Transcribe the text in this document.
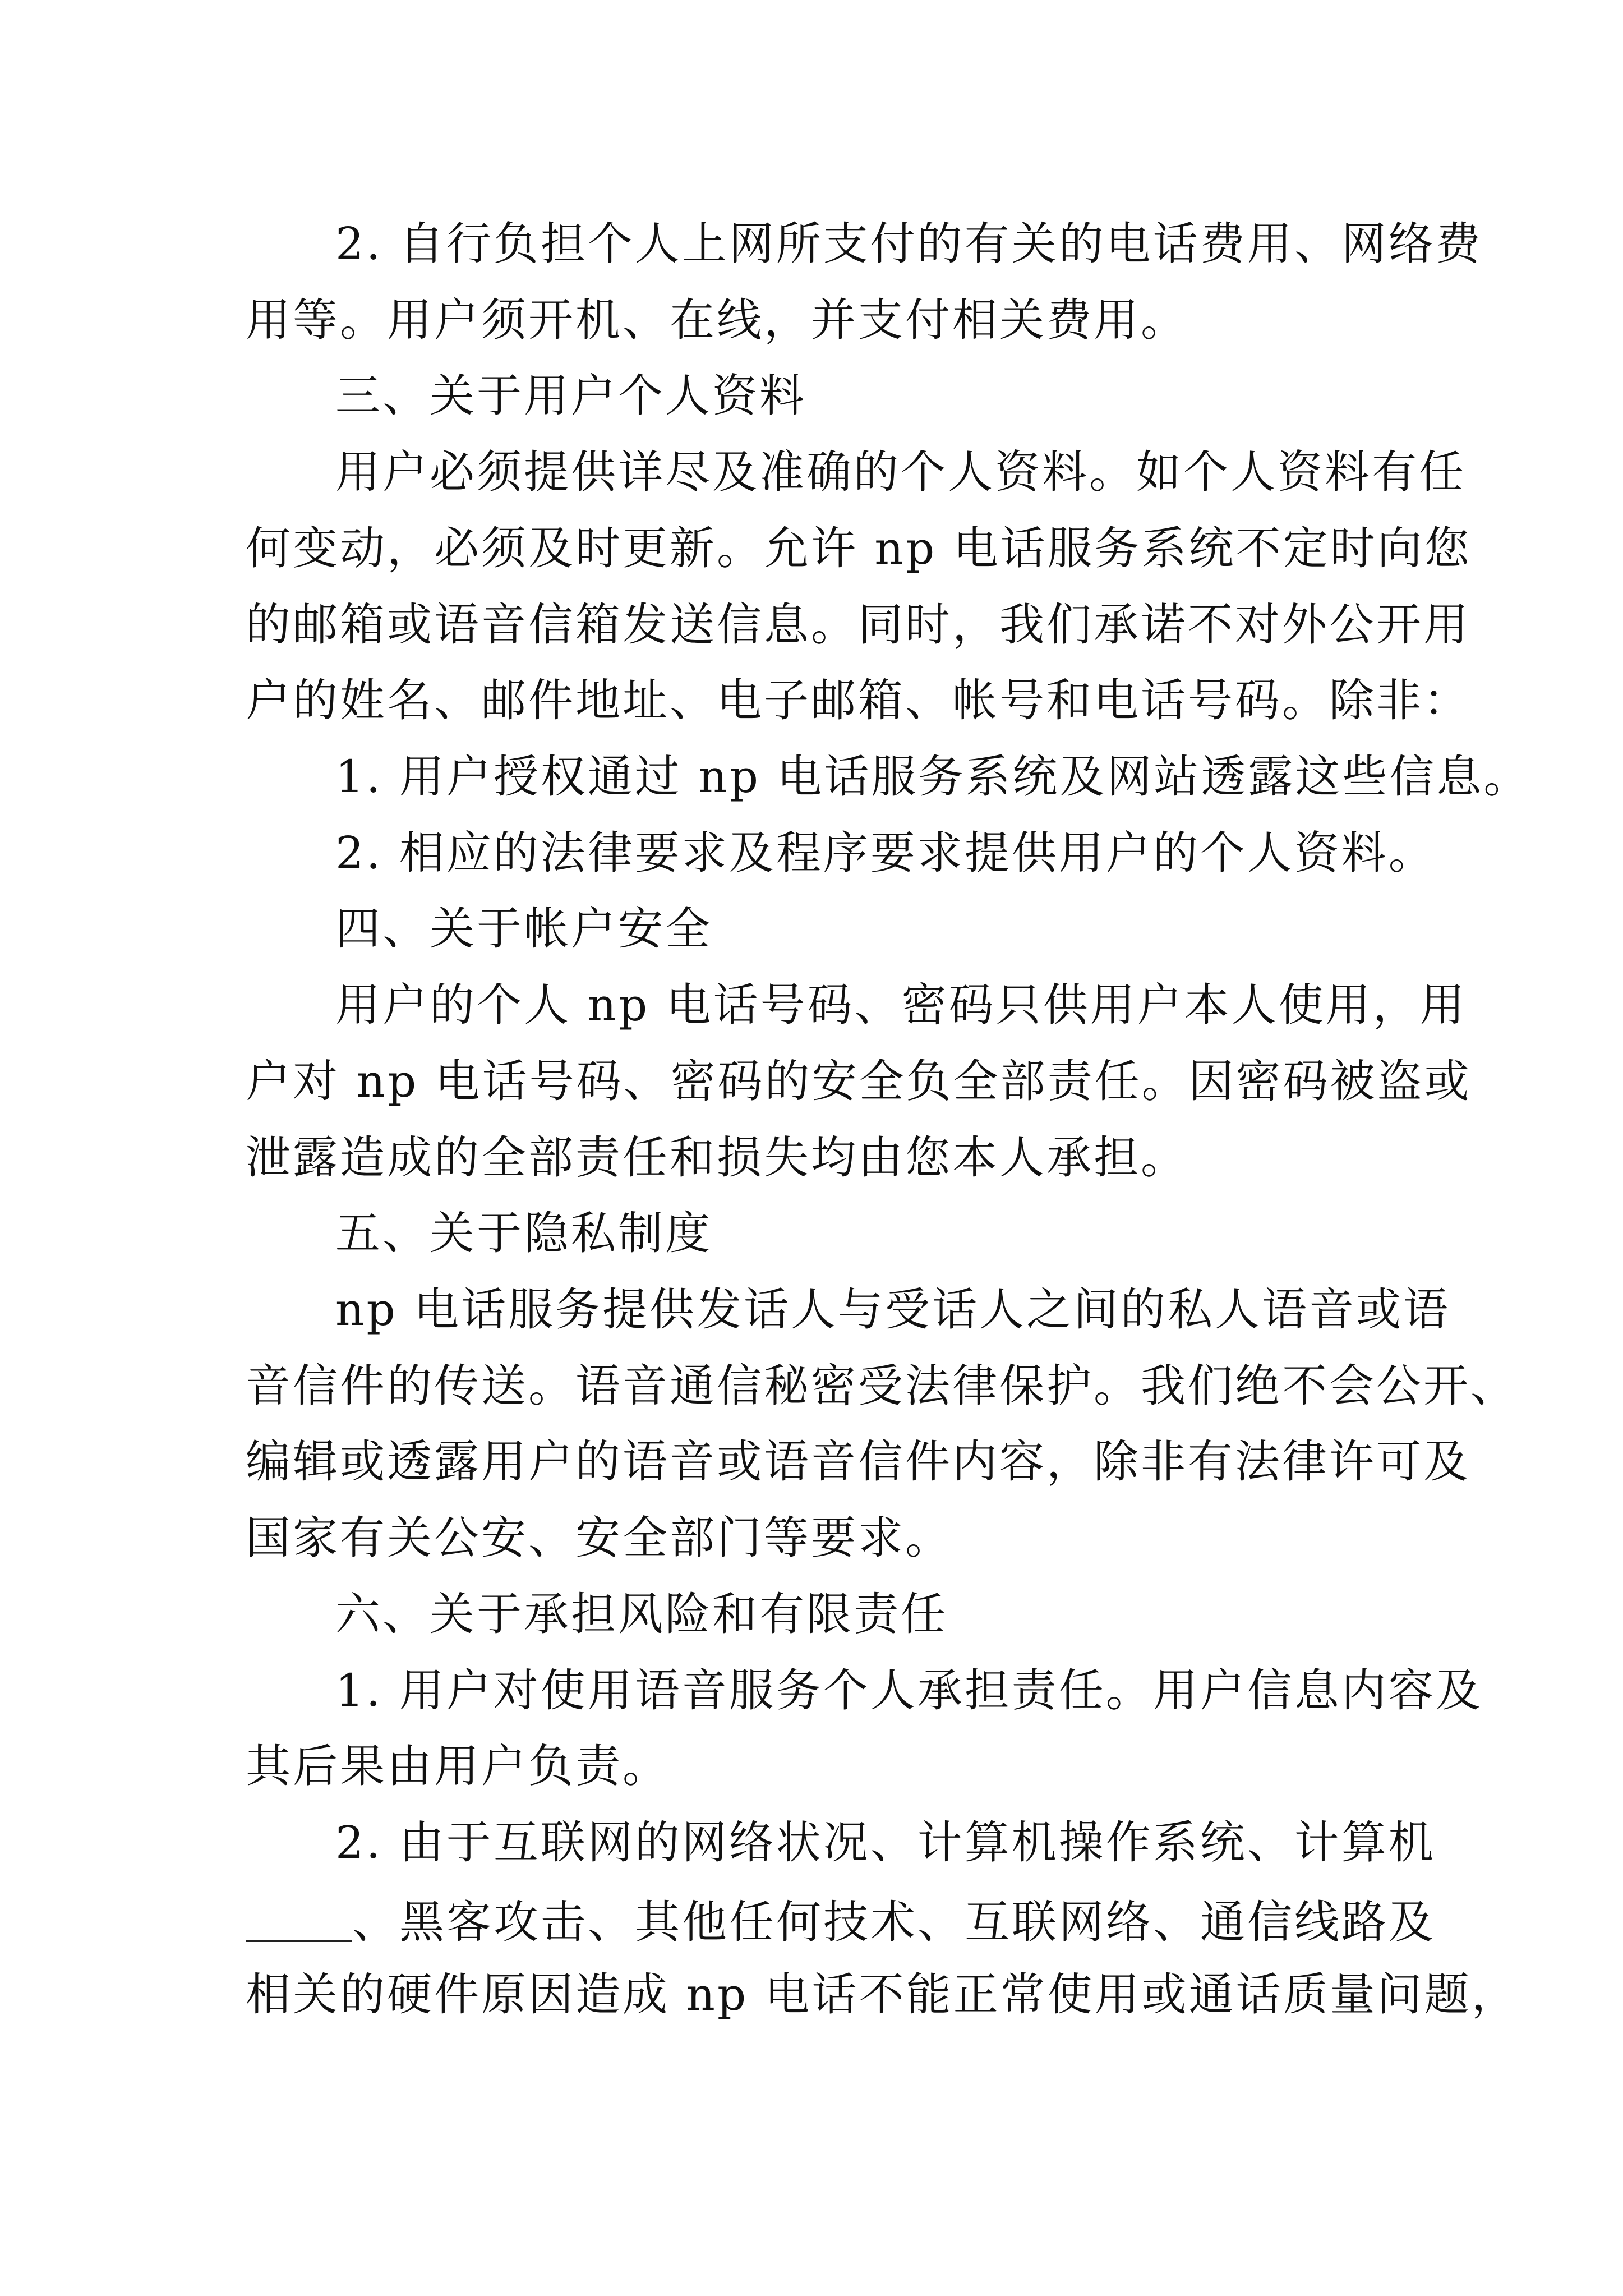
2. 自行负担个人上网所支付的有关的电话费用、网络费
用等。用户须开机、在线，并支付相关费用。
三、关于用户个人资料
用户必须提供详尽及准确的个人资料。如个人资料有任
何变动，必须及时更新。允许 np 电话服务系统不定时向您
的邮箱或语音信箱发送信息。同时，我们承诺不对外公开用
户的姓名、邮件地址、电子邮箱、帐号和电话号码。除非：
1. 用户授权通过 np 电话服务系统及网站透露这些信息。
2. 相应的法律要求及程序要求提供用户的个人资料。
四、关于帐户安全
用户的个人 np 电话号码、密码只供用户本人使用，用
户对 np 电话号码、密码的安全负全部责任。因密码被盗或
泄露造成的全部责任和损失均由您本人承担。
五、关于隐私制度
np 电话服务提供发话人与受话人之间的私人语音或语
音信件的传送。语音通信秘密受法律保护。我们绝不会公开、
编辑或透露用户的语音或语音信件内容，除非有法律许可及
国家有关公安、安全部门等要求。
六、关于承担风险和有限责任
1. 用户对使用语音服务个人承担责任。用户信息内容及
其后果由用户负责。
2. 由于互联网的网络状况、计算机操作系统、计算机
、黑客攻击、其他任何技术、互联网络、通信线路及
相关的硬件原因造成 np 电话不能正常使用或通话质量问题，
